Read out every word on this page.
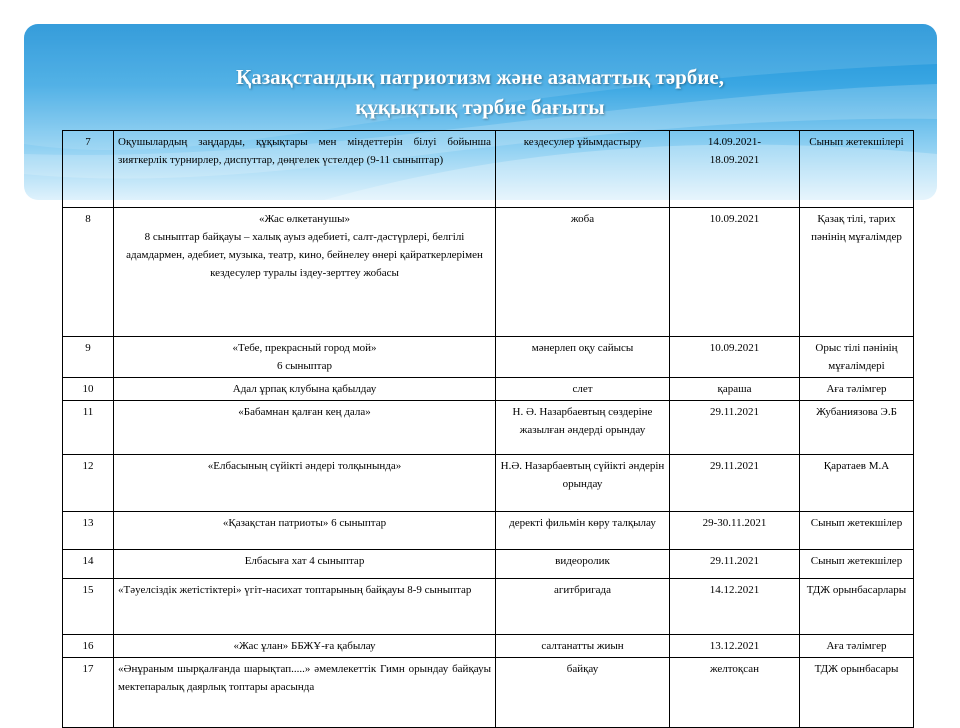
Қазақстандық патриотизм және азаматтық тәрбие,
құқықтық тәрбие бағыты
7	Оқушылардың заңдарды, құқықтары мен міндеттерін білуі бойынша зияткерлік турнирлер, диспуттар, дөңгелек үстелдер (9-11 сыныптар)	кездесулер ұйымдастыру	14.09.2021-
18.09.2021	Сынып жетекшілері
8	«Жас өлкетанушы»
8 сыныптар байқауы – халық ауыз әдебиеті, салт-дәстүрлері, белгілі адамдармен, әдебиет, музыка, театр, кино, бейнелеу өнері қайраткерлерімен кездесулер туралы іздеу-зерттеу жобасы	жоба	10.09.2021	Қазақ тілі, тарих пәнінің мұғалімдер
9	«Тебе, прекрасный город мой»
6 сыныптар	мәнерлеп оқу сайысы	10.09.2021	Орыс тілі пәнінің мұғалімдері
10	Адал ұрпақ клубына қабылдау	слет	қараша	Аға тәлімгер
11	«Бабамнан қалған кең дала»	Н. Ә. Назарбаевтың сөздеріне жазылған әндерді орындау	29.11.2021	Жубаниязова Э.Б
12	«Елбасының сүйікті әндері толқынында»	Н.Ә. Назарбаевтың сүйікті әндерін орындау	29.11.2021	Қаратаев М.А
13	«Қазақстан патриоты» 6 сыныптар	деректі фильмін көру талқылау	29-30.11.2021	Сынып жетекшілер
14	Елбасыға хат 4 сыныптар	видеоролик	29.11.2021	Сынып жетекшілер
15	«Тәуелсіздік жетістіктері» үгіт-насихат топтарының байқауы 8-9 сыныптар	агитбригада	14.12.2021	ТДЖ орынбасарлары
16	«Жас ұлан» ББЖҰ-ға қабылау	салтанатты жиын	13.12.2021	Аға тәлімгер
17	«Әнұраным шырқалғанда шарықтап.....» әмемлекеттік Гимн орындау байқауы мектепаралық даярлық топтары арасында	байқау	желтоқсан	ТДЖ орынбасары
